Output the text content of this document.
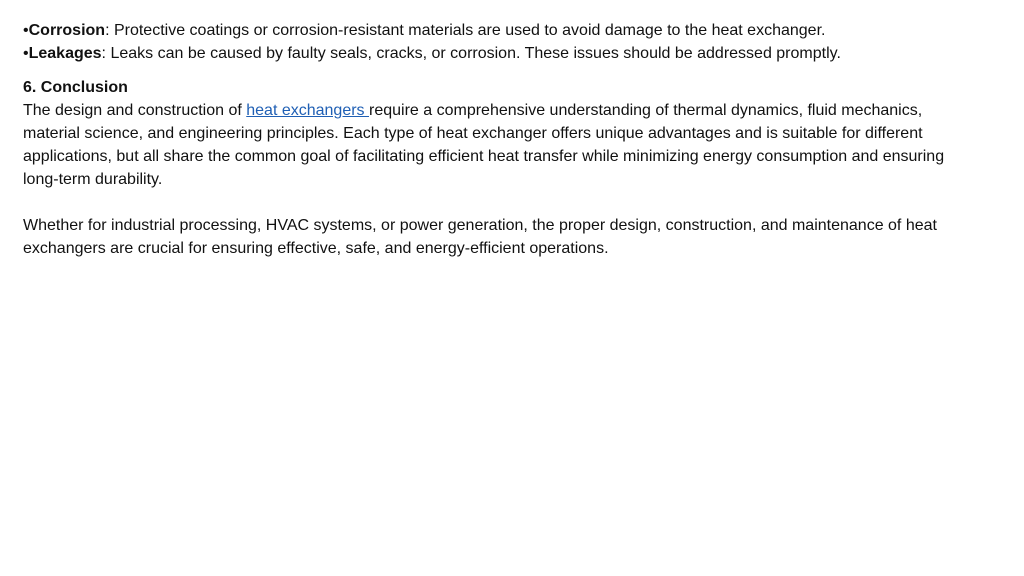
•Corrosion: Protective coatings or corrosion-resistant materials are used to avoid damage to the heat exchanger.

•Leakages: Leaks can be caused by faulty seals, cracks, or corrosion. These issues should be addressed promptly.

6. Conclusion

The design and construction of heat exchangers require a comprehensive understanding of thermal dynamics, fluid mechanics, material science, and engineering principles. Each type of heat exchanger offers unique advantages and is suitable for different applications, but all share the common goal of facilitating efficient heat transfer while minimizing energy consumption and ensuring long-term durability.

Whether for industrial processing, HVAC systems, or power generation, the proper design, construction, and maintenance of heat exchangers are crucial for ensuring effective, safe, and energy-efficient operations.
